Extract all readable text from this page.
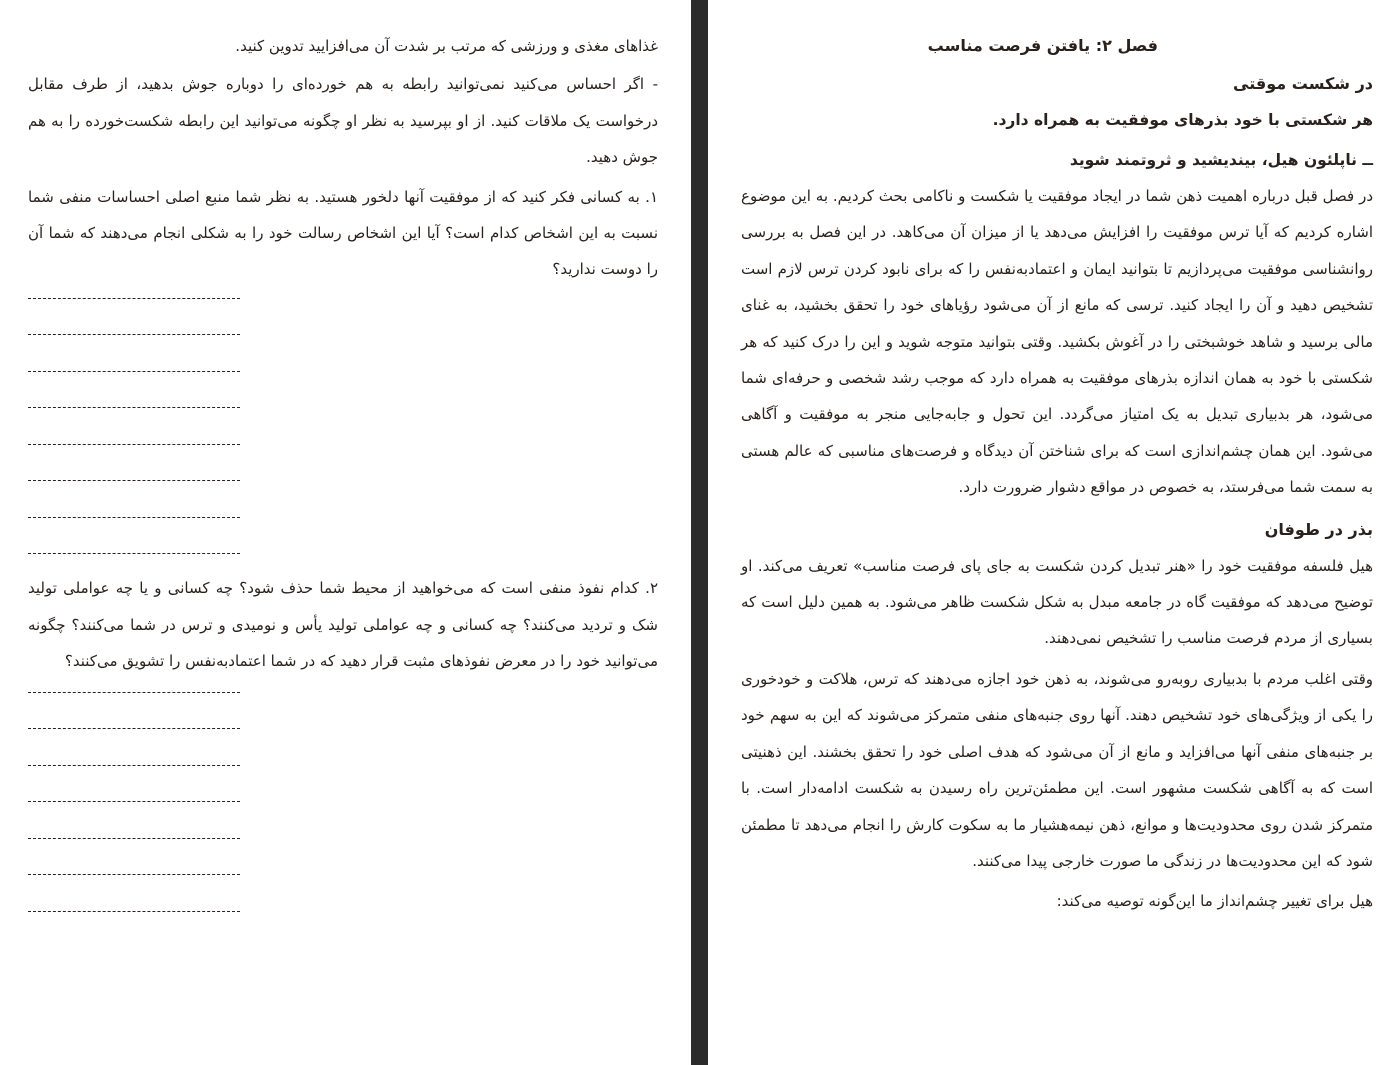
غذاهای مغذی و ورزشی که مرتب بر شدت آن می‌افزایید تدوین کنید.

- اگر احساس می‌کنید نمی‌توانید رابطه به هم خورده‌ای را دوباره جوش بدهید، از طرف مقابل درخواست یک ملاقات کنید. از او بپرسید به نظر او چگونه می‌توانید این رابطه شکست‌خورده را به هم جوش دهید.

۱. به کسانی فکر کنید که از موفقیت آنها دلخور هستید. به نظر شما منبع اصلی احساسات منفی شما نسبت به این اشخاص کدام است؟ آیا این اشخاص رسالت خود را به شکلی انجام می‌دهند که شما آن را دوست ندارید؟

۲. کدام نفوذ منفی است که می‌خواهید از محیط شما حذف شود؟ چه کسانی و یا چه عواملی تولید شک و تردید می‌کنند؟ چه کسانی و چه عواملی تولید یأس و نومیدی و ترس در شما می‌کنند؟ چگونه می‌توانید خود را در معرض نفوذهای مثبت قرار دهید که در شما اعتمادبه‌نفس را تشویق می‌کنند؟

فصل ۲: یافتن فرصت مناسب

در شکست موقتی

هر شکستی با خود بذرهای موفقیت به همراه دارد.

ــ ناپلئون هیل، بیندیشید و ثروتمند شوید

در فصل قبل درباره اهمیت ذهن شما در ایجاد موفقیت یا شکست و ناکامی بحث کردیم. به این موضوع اشاره کردیم که آیا ترس موفقیت را افزایش می‌دهد یا از میزان آن می‌کاهد. در این فصل به بررسی روانشناسی موفقیت می‌پردازیم تا بتوانید ایمان و اعتمادبه‌نفس را که برای نابود کردن ترس لازم است تشخیص دهید و آن را ایجاد کنید. ترسی که مانع از آن می‌شود رؤیاهای خود را تحقق بخشید، به غنای مالی برسید و شاهد خوشبختی را در آغوش بکشید. وقتی بتوانید متوجه شوید و این را درک کنید که هر شکستی با خود به همان اندازه بذرهای موفقیت به همراه دارد که موجب رشد شخصی و حرفه‌ای شما می‌شود، هر بدبیاری تبدیل به یک امتیاز می‌گردد. این تحول و جابه‌جایی منجر به موفقیت و آگاهی می‌شود. این همان چشم‌اندازی است که برای شناختن آن دیدگاه و فرصت‌های مناسبی که عالم هستی به سمت شما می‌فرستد، به خصوص در مواقع دشوار ضرورت دارد.

بذر در طوفان

هیل فلسفه موفقیت خود را «هنر تبدیل کردن شکست به جای پای فرصت مناسب» تعریف می‌کند. او توضیح می‌دهد که موفقیت گاه در جامعه مبدل به شکل شکست ظاهر می‌شود. به همین دلیل است که بسیاری از مردم فرصت مناسب را تشخیص نمی‌دهند.

وقتی اغلب مردم با بدبیاری روبه‌رو می‌شوند، به ذهن خود اجازه می‌دهند که ترس، هلاکت و خودخوری را یکی از ویژگی‌های خود تشخیص دهند. آنها روی جنبه‌های منفی متمرکز می‌شوند که این به سهم خود بر جنبه‌های منفی آنها می‌افزاید و مانع از آن می‌شود که هدف اصلی خود را تحقق بخشند. این ذهنیتی است که به آگاهی شکست مشهور است. این مطمئن‌ترین راه رسیدن به شکست ادامه‌دار است. با متمرکز شدن روی محدودیت‌ها و موانع، ذهن نیمه‌هشیار ما به سکوت کارش را انجام می‌دهد تا مطمئن شود که این محدودیت‌ها در زندگی ما صورت خارجی پیدا می‌کنند.

هیل برای تغییر چشم‌انداز ما این‌گونه توصیه می‌کند:
